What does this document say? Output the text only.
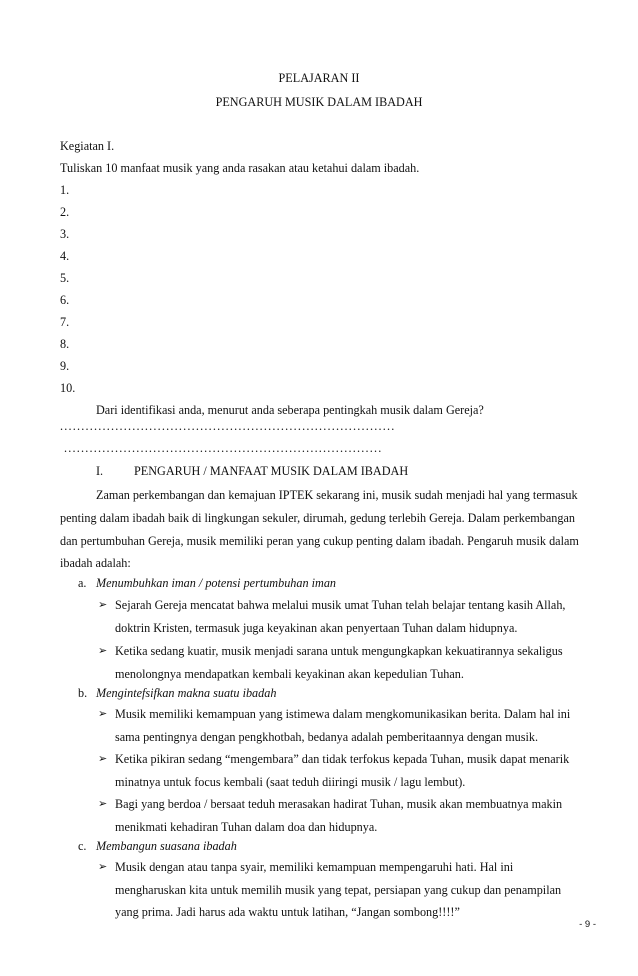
PELAJARAN II
PENGARUH MUSIK DALAM IBADAH
Kegiatan I.
Tuliskan 10 manfaat musik yang anda rasakan atau ketahui dalam ibadah.
1.
2.
3.
4.
5.
6.
7.
8.
9.
10.
Dari identifikasi anda, menurut anda seberapa pentingkah musik dalam Gereja?
...............................................................................
...........................................................................
I.	PENGARUH / MANFAAT MUSIK DALAM IBADAH
Zaman perkembangan dan kemajuan IPTEK sekarang ini, musik sudah menjadi hal yang termasuk
penting dalam ibadah baik di lingkungan sekuler, dirumah, gedung terlebih Gereja. Dalam perkembangan
dan pertumbuhan Gereja, musik memiliki peran yang cukup penting dalam ibadah. Pengaruh musik dalam
ibadah adalah:
a. Menumbuhkan iman / potensi pertumbuhan iman
➢ Sejarah Gereja mencatat bahwa melalui musik umat Tuhan telah belajar tentang kasih Allah,
doktrin Kristen, termasuk juga keyakinan akan penyertaan Tuhan dalam hidupnya.
➢ Ketika sedang kuatir, musik menjadi sarana untuk mengungkapkan kekuatirannya sekaligus
menolongnya mendapatkan kembali keyakinan akan kepedulian Tuhan.
b. Mengintefsifkan makna suatu ibadah
➢ Musik memiliki kemampuan yang istimewa dalam mengkomunikasikan berita. Dalam hal ini
sama pentingnya dengan pengkhotbah, bedanya adalah pemberitaannya dengan musik.
➢ Ketika pikiran sedang “mengembara” dan tidak terfokus kepada Tuhan, musik dapat menarik
minatnya untuk focus kembali (saat teduh diiringi musik / lagu lembut).
➢ Bagi yang berdoa / bersaat teduh merasakan hadirat Tuhan, musik akan membuatnya makin
menikmati kehadiran Tuhan dalam doa dan hidupnya.
c. Membangun suasana ibadah
➢ Musik dengan atau tanpa syair, memiliki kemampuan mempengaruhi hati. Hal ini
mengharuskan kita untuk memilih musik yang tepat, persiapan yang cukup dan penampilan
yang prima. Jadi harus ada waktu untuk latihan, “Jangan sombong!!!!”
- 9 -
